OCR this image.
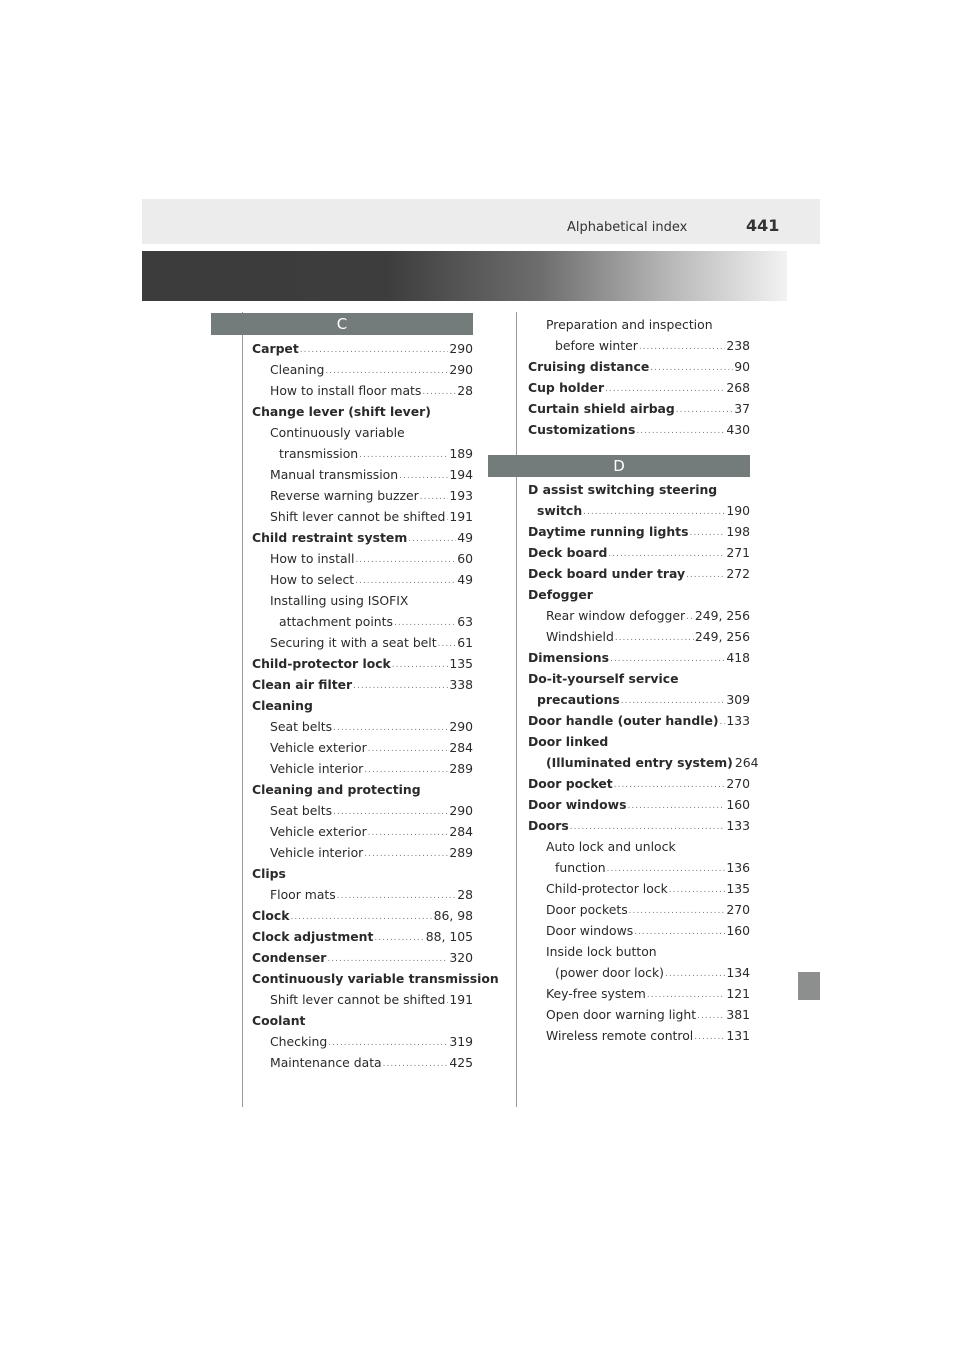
Alphabetical index	441
C
Carpet .....	290
Cleaning .....	290
How to install floor mats .....	28
Change lever (shift lever)
Continuously variable
transmission .....	189
Manual transmission .....	194
Reverse warning buzzer ..... 193
Shift lever cannot be shifted ..... 191
Child restraint system .....	49
How to install .....	60
How to select .....	49
Installing using ISOFIX
attachment points .....	63
Securing it with a seat belt ..... 61
Child-protector lock .....	135
Clean air filter .....	338
Cleaning
Seat belts .....	290
Vehicle exterior .....	284
Vehicle interior .....	289
Cleaning and protecting
Seat belts .....	290
Vehicle exterior .....	284
Vehicle interior .....	289
Clips
Floor mats .....	28
Clock .....	86, 98
Clock adjustment .....	88, 105
Condenser .....	320
Continuously variable transmission
Shift lever cannot be shifted ..... 191
Coolant
Checking .....	319
Maintenance data .....	425
Preparation and inspection
before winter .....	238
Cruising distance .....	90
Cup holder .....	268
Curtain shield airbag .....	37
Customizations .....	430
D
D assist switching steering
switch .....	190
Daytime running lights .....	198
Deck board .....	271
Deck board under tray .....	272
Defogger
Rear window defogger ..... 249, 256
Windshield .....	249, 256
Dimensions .....	418
Do-it-yourself service
precautions .....	309
Door handle (outer handle) ..... 133
Door linked
(Illuminated entry system) 264
Door pocket .....	270
Door windows .....	160
Doors .....	133
Auto lock and unlock
function .....	136
Child-protector lock .....	135
Door pockets .....	270
Door windows .....	160
Inside lock button
(power door lock) .....	134
Key-free system .....	121
Open door warning light ..... 381
Wireless remote control .....	131
